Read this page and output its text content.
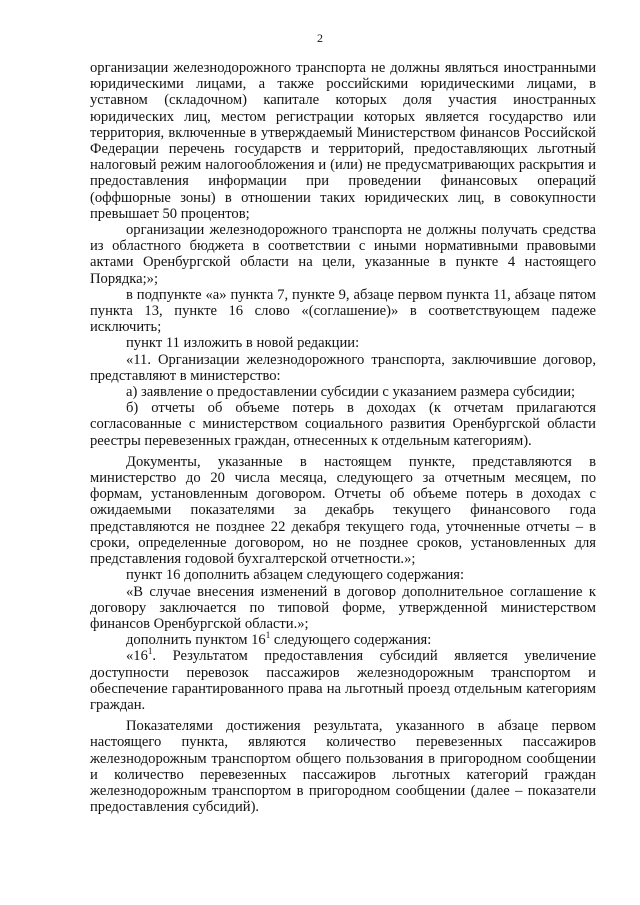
2

организации железнодорожного транспорта не должны являться иностранными юридическими лицами, а также российскими юридическими лицами, в уставном (складочном) капитале которых доля участия иностранных юридических лиц, местом регистрации которых является государство или территория, включенные в утверждаемый Министерством финансов Российской Федерации перечень государств и территорий, предоставляющих льготный налоговый режим налогообложения и (или) не предусматривающих раскрытия и предоставления информации при проведении финансовых операций (оффшорные зоны) в отношении таких юридических лиц, в совокупности превышает 50 процентов;

организации железнодорожного транспорта не должны получать средства из областного бюджета в соответствии с иными нормативными правовыми актами Оренбургской области на цели, указанные в пункте 4 настоящего Порядка;»;

в подпункте «а» пункта 7, пункте 9, абзаце первом пункта 11, абзаце пятом пункта 13, пункте 16 слово «(соглашение)» в соответствующем падеже исключить;

пункт 11 изложить в новой редакции:

«11. Организации железнодорожного транспорта, заключившие договор, представляют в министерство:

а) заявление о предоставлении субсидии с указанием размера субсидии;

б) отчеты об объеме потерь в доходах (к отчетам прилагаются согласованные с министерством социального развития Оренбургской области реестры перевезенных граждан, отнесенных к отдельным категориям).

Документы, указанные в настоящем пункте, представляются в министерство до 20 числа месяца, следующего за отчетным месяцем, по формам, установленным договором. Отчеты об объеме потерь в доходах с ожидаемыми показателями за декабрь текущего финансового года представляются не позднее 22 декабря текущего года, уточненные отчеты – в сроки, определенные договором, но не позднее сроков, установленных для представления годовой бухгалтерской отчетности.»;

пункт 16 дополнить абзацем следующего содержания:

«В случае внесения изменений в договор дополнительное соглашение к договору заключается по типовой форме, утвержденной министерством финансов Оренбургской области.»;

дополнить пунктом $16^1$ следующего содержания:

«$16^1$. Результатом предоставления субсидий является увеличение доступности перевозок пассажиров железнодорожным транспортом и обеспечение гарантированного права на льготный проезд отдельным категориям граждан.

Показателями достижения результата, указанного в абзаце первом настоящего пункта, являются количество перевезенных пассажиров железнодорожным транспортом общего пользования в пригородном сообщении и количество перевезенных пассажиров льготных категорий граждан железнодорожным транспортом в пригородном сообщении (далее – показатели предоставления субсидий).
